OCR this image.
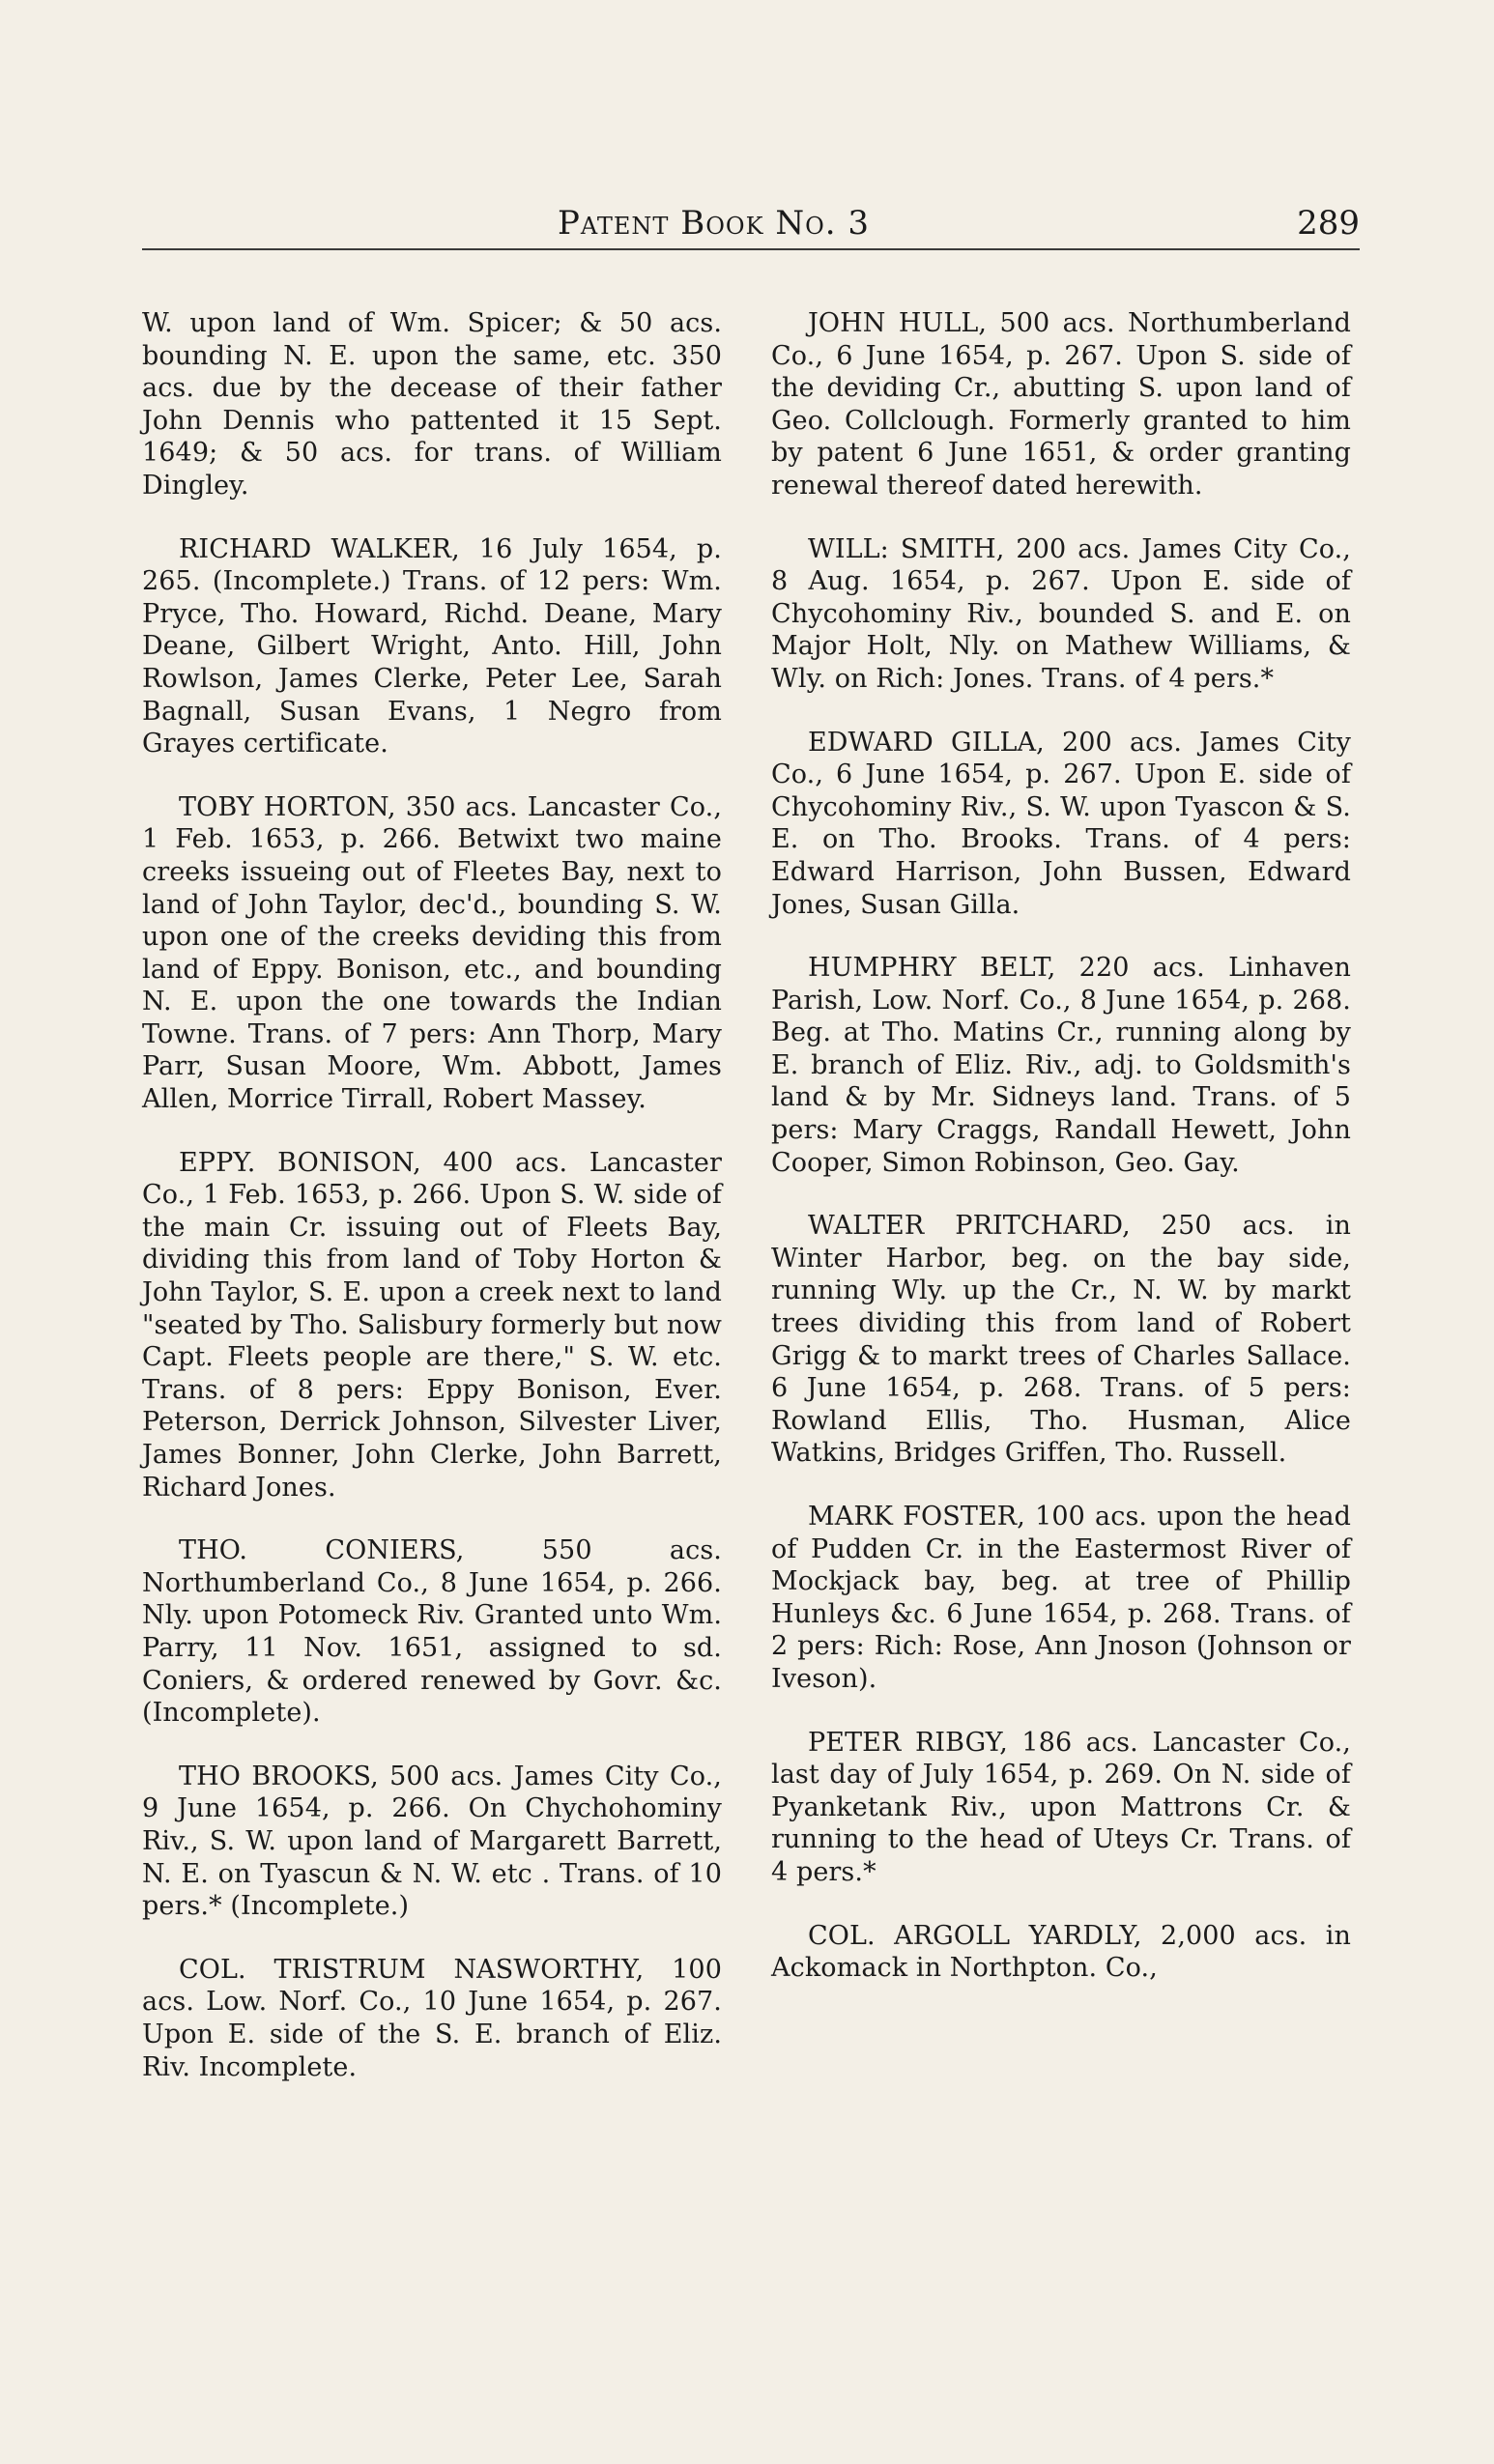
Patent Book No. 3	289

W. upon land of Wm. Spicer; & 50 acs. bounding N. E. upon the same, etc. 350 acs. due by the decease of their father John Dennis who pattented it 15 Sept. 1649; & 50 acs. for trans. of William Dingley.

RICHARD WALKER, 16 July 1654, p. 265. (Incomplete.) Trans. of 12 pers: Wm. Pryce, Tho. Howard, Richd. Deane, Mary Deane, Gilbert Wright, Anto. Hill, John Rowlson, James Clerke, Peter Lee, Sarah Bagnall, Susan Evans, 1 Negro from Grayes certificate.

TOBY HORTON, 350 acs. Lancaster Co., 1 Feb. 1653, p. 266. Betwixt two maine creeks issueing out of Fleetes Bay, next to land of John Taylor, dec'd., bounding S. W. upon one of the creeks deviding this from land of Eppy. Bonison, etc., and bounding N. E. upon the one towards the Indian Towne. Trans. of 7 pers: Ann Thorp, Mary Parr, Susan Moore, Wm. Abbott, James Allen, Morrice Tirrall, Robert Massey.

EPPY. BONISON, 400 acs. Lancaster Co., 1 Feb. 1653, p. 266. Upon S. W. side of the main Cr. issuing out of Fleets Bay, dividing this from land of Toby Horton & John Taylor, S. E. upon a creek next to land "seated by Tho. Salisbury formerly but now Capt. Fleets people are there," S. W. etc. Trans. of 8 pers: Eppy Bonison, Ever. Peterson, Derrick Johnson, Silvester Liver, James Bonner, John Clerke, John Barrett, Richard Jones.

THO. CONIERS, 550 acs. Northumberland Co., 8 June 1654, p. 266. Nly. upon Potomeck Riv. Granted unto Wm. Parry, 11 Nov. 1651, assigned to sd. Coniers, & ordered renewed by Govr. &c. (Incomplete).

THO BROOKS, 500 acs. James City Co., 9 June 1654, p. 266. On Chychohominy Riv., S. W. upon land of Margarett Barrett, N. E. on Tyascun & N. W. etc . Trans. of 10 pers.* (Incomplete.)

COL. TRISTRUM NASWORTHY, 100 acs. Low. Norf. Co., 10 June 1654, p. 267. Upon E. side of the S. E. branch of Eliz. Riv. Incomplete.

JOHN HULL, 500 acs. Northumberland Co., 6 June 1654, p. 267. Upon S. side of the deviding Cr., abutting S. upon land of Geo. Collclough. Formerly granted to him by patent 6 June 1651, & order granting renewal thereof dated herewith.

WILL: SMITH, 200 acs. James City Co., 8 Aug. 1654, p. 267. Upon E. side of Chycohominy Riv., bounded S. and E. on Major Holt, Nly. on Mathew Williams, & Wly. on Rich: Jones. Trans. of 4 pers.*

EDWARD GILLA, 200 acs. James City Co., 6 June 1654, p. 267. Upon E. side of Chycohominy Riv., S. W. upon Tyascon & S. E. on Tho. Brooks. Trans. of 4 pers: Edward Harrison, John Bussen, Edward Jones, Susan Gilla.

HUMPHRY BELT, 220 acs. Linhaven Parish, Low. Norf. Co., 8 June 1654, p. 268. Beg. at Tho. Matins Cr., running along by E. branch of Eliz. Riv., adj. to Goldsmith's land & by Mr. Sidneys land. Trans. of 5 pers: Mary Craggs, Randall Hewett, John Cooper, Simon Robinson, Geo. Gay.

WALTER PRITCHARD, 250 acs. in Winter Harbor, beg. on the bay side, running Wly. up the Cr., N. W. by markt trees dividing this from land of Robert Grigg & to markt trees of Charles Sallace. 6 June 1654, p. 268. Trans. of 5 pers: Rowland Ellis, Tho. Husman, Alice Watkins, Bridges Griffen, Tho. Russell.

MARK FOSTER, 100 acs. upon the head of Pudden Cr. in the Eastermost River of Mockjack bay, beg. at tree of Phillip Hunleys &c. 6 June 1654, p. 268. Trans. of 2 pers: Rich: Rose, Ann Jnoson (Johnson or Iveson).

PETER RIBGY, 186 acs. Lancaster Co., last day of July 1654, p. 269. On N. side of Pyanketank Riv., upon Mattrons Cr. & running to the head of Uteys Cr. Trans. of 4 pers.*

COL. ARGOLL YARDLY, 2,000 acs. in Ackomack in Northpton. Co.,
